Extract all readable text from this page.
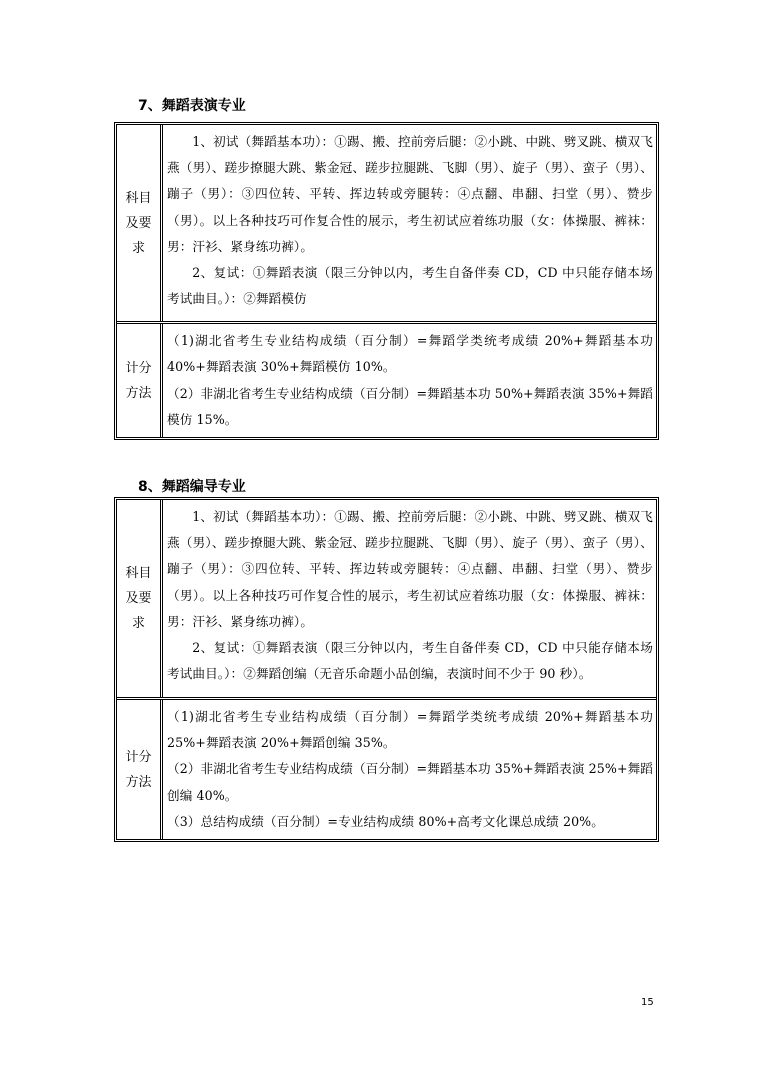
7、舞蹈表演专业
科目及要求

1、初试（舞蹈基本功）：①踢、搬、控前旁后腿：②小跳、中跳、劈叉跳、横双飞燕（男）、蹉步撩腿大跳、紫金冠、蹉步拉腿跳、飞脚（男）、旋子（男）、蛮子（男）、蹦子（男）：③四位转、平转、挥边转或旁腿转：④点翻、串翻、扫堂（男）、赞步（男）。以上各种技巧可作复合性的展示，考生初试应着练功服（女：体操服、裤袜：男：汗衫、紧身练功裤）。

2、复试：①舞蹈表演（限三分钟以内，考生自备伴奏 CD，CD 中只能存储本场考试曲目。）：②舞蹈模仿

计分方法

（1)湖北省考生专业结构成绩（百分制）=舞蹈学类统考成绩 20%+舞蹈基本功 40%+舞蹈表演 30%+舞蹈模仿 10%。

（2）非湖北省考生专业结构成绩（百分制）=舞蹈基本功 50%+舞蹈表演 35%+舞蹈模仿 15%。

8、舞蹈编导专业
科目及要求

1、初试（舞蹈基本功）：①踢、搬、控前旁后腿：②小跳、中跳、劈叉跳、横双飞燕（男）、蹉步撩腿大跳、紫金冠、蹉步拉腿跳、飞脚（男）、旋子（男）、蛮子（男）、蹦子（男）：③四位转、平转、挥边转或旁腿转：④点翻、串翻、扫堂（男）、赞步（男）。以上各种技巧可作复合性的展示，考生初试应着练功服（女：体操服、裤袜：男：汗衫、紧身练功裤）。

2、复试：①舞蹈表演（限三分钟以内，考生自备伴奏 CD，CD 中只能存储本场考试曲目。）：②舞蹈创编（无音乐命题小品创编，表演时间不少于 90 秒）。

计分方法

（1)湖北省考生专业结构成绩（百分制）=舞蹈学类统考成绩 20%+舞蹈基本功 25%+舞蹈表演 20%+舞蹈创编 35%。

（2）非湖北省考生专业结构成绩（百分制）=舞蹈基本功 35%+舞蹈表演 25%+舞蹈创编 40%。

（3）总结构成绩（百分制）=专业结构成绩 80%+高考文化课总成绩 20%。

15
